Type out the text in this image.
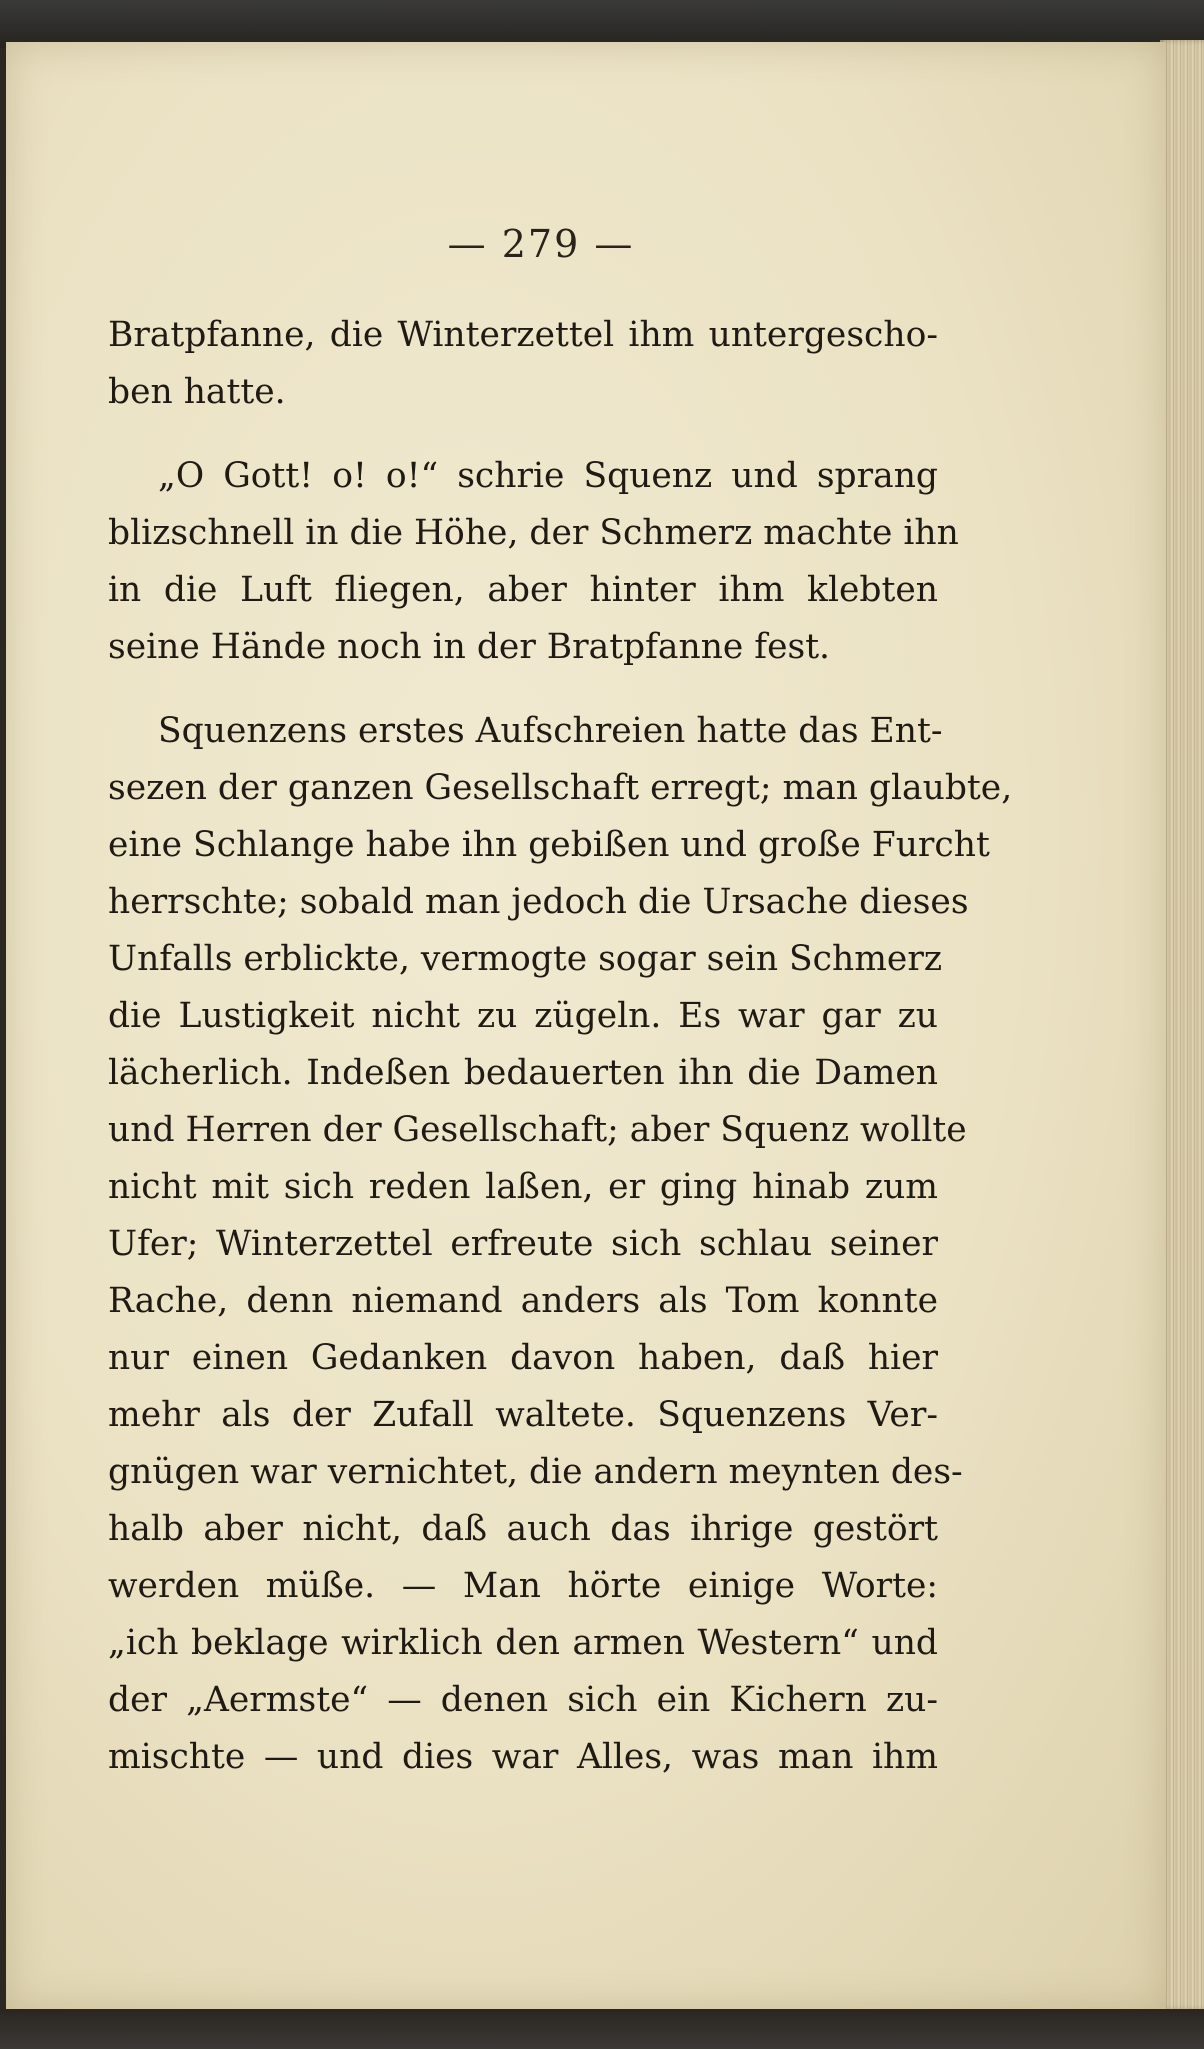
— 279 —
Bratpfanne, die Winterzettel ihm untergescho-
ben hatte.
„O Gott! o! o!“ schrie Squenz und sprang
blizschnell in die Höhe, der Schmerz machte ihn
in die Luft fliegen, aber hinter ihm klebten
seine Hände noch in der Bratpfanne fest.
Squenzens erstes Aufschreien hatte das Ent-
sezen der ganzen Gesellschaft erregt; man glaubte,
eine Schlange habe ihn gebißen und große Furcht
herrschte; sobald man jedoch die Ursache dieses
Unfalls erblickte, vermogte sogar sein Schmerz
die Lustigkeit nicht zu zügeln. Es war gar zu
lächerlich. Indeßen bedauerten ihn die Damen
und Herren der Gesellschaft; aber Squenz wollte
nicht mit sich reden laßen, er ging hinab zum
Ufer; Winterzettel erfreute sich schlau seiner
Rache, denn niemand anders als Tom konnte
nur einen Gedanken davon haben, daß hier
mehr als der Zufall waltete. Squenzens Ver-
gnügen war vernichtet, die andern meynten des-
halb aber nicht, daß auch das ihrige gestört
werden müße. — Man hörte einige Worte:
„ich beklage wirklich den armen Western“ und
der „Aermste“ — denen sich ein Kichern zu-
mischte — und dies war Alles, was man ihm
